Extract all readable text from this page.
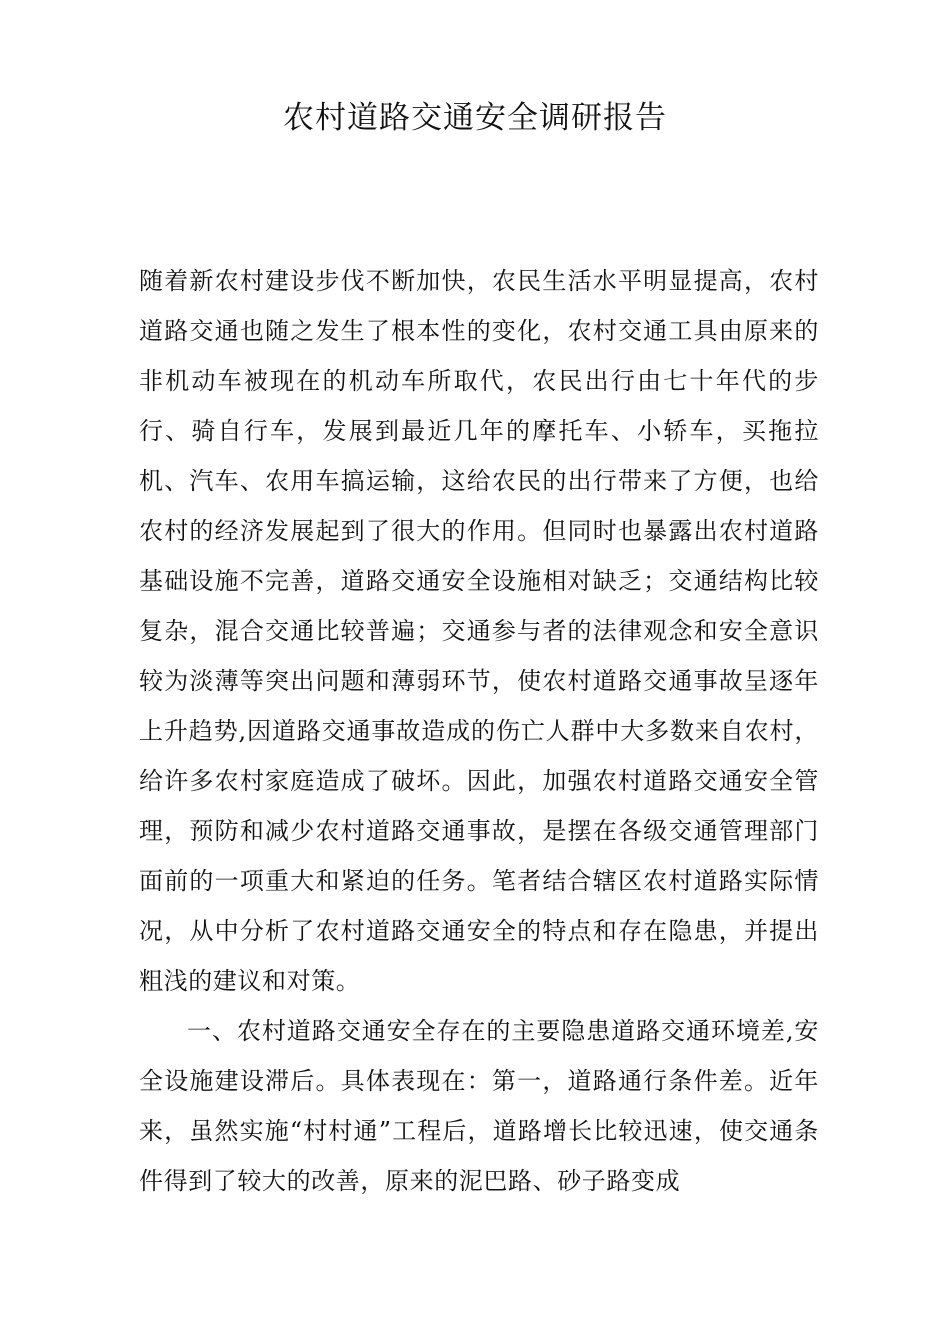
农村道路交通安全调研报告

随着新农村建设步伐不断加快，农民生活水平明显提高，农村道路交通也随之发生了根本性的变化，农村交通工具由原来的非机动车被现在的机动车所取代，农民出行由七十年代的步行、骑自行车，发展到最近几年的摩托车、小轿车，买拖拉机、汽车、农用车搞运输，这给农民的出行带来了方便，也给农村的经济发展起到了很大的作用。但同时也暴露出农村道路基础设施不完善，道路交通安全设施相对缺乏；交通结构比较复杂，混合交通比较普遍；交通参与者的法律观念和安全意识较为淡薄等突出问题和薄弱环节，使农村道路交通事故呈逐年上升趋势,因道路交通事故造成的伤亡人群中大多数来自农村，给许多农村家庭造成了破坏。因此，加强农村道路交通安全管理，预防和减少农村道路交通事故，是摆在各级交通管理部门面前的一项重大和紧迫的任务。笔者结合辖区农村道路实际情况，从中分析了农村道路交通安全的特点和存在隐患，并提出粗浅的建议和对策。

一、农村道路交通安全存在的主要隐患道路交通环境差,安全设施建设滞后。具体表现在：第一，道路通行条件差。近年来，虽然实施“村村通”工程后，道路增长比较迅速，使交通条件得到了较大的改善，原来的泥巴路、砂子路变成
